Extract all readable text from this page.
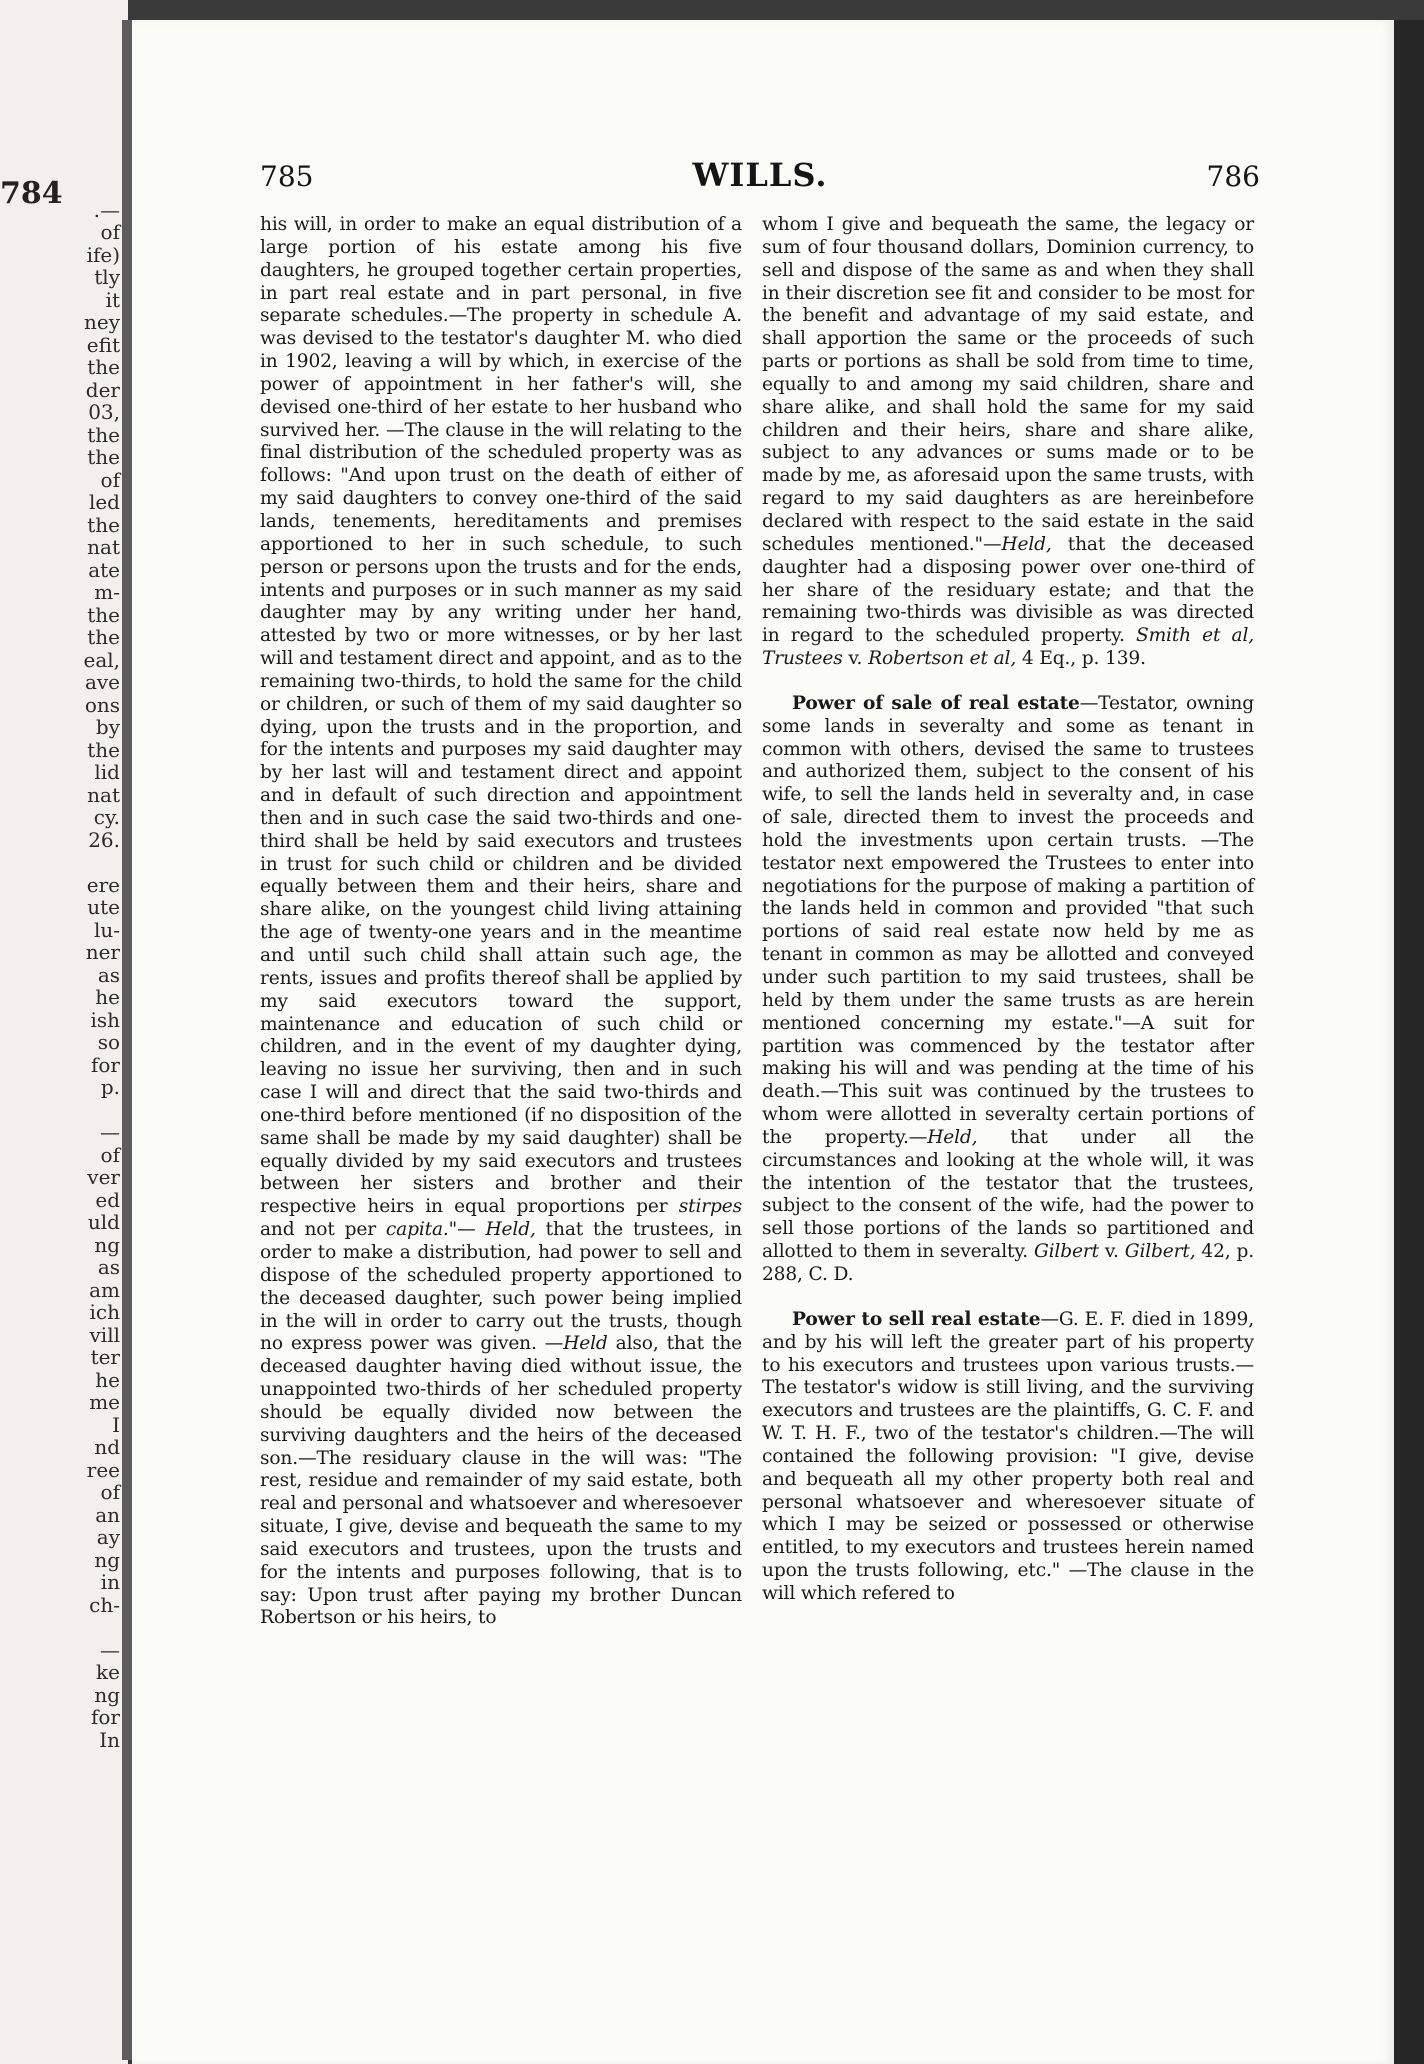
784	.—
of
ife)
tly
it
ney
efit
the
der
03,
the
the
of
led
the
nat
ate
m-
the
the
eal,
ave
ons
by
the
lid
nat
cy.
26.
ere
ute
lu-
ner
as
he
ish
so
for
p.
—
of
ver
ed
uld
ng
as
am
ich
vill
ter
he
me
I
nd
ree
of
an
ay
ng
in
ch-
—
ke
ng
for
In
785	WILLS.	786

his will, in order to make an equal distribution of a large portion of his estate among his five daughters, he grouped together certain properties, in part real estate and in part personal, in five separate schedules.—The property in schedule A. was devised to the testator's daughter M. who died in 1902, leaving a will by which, in exercise of the power of appointment in her father's will, she devised one-third of her estate to her husband who survived her. —The clause in the will relating to the final distribution of the scheduled property was as follows: "And upon trust on the death of either of my said daughters to convey one-third of the said lands, tenements, hereditaments and premises apportioned to her in such schedule, to such person or persons upon the trusts and for the ends, intents and purposes or in such manner as my said daughter may by any writing under her hand, attested by two or more witnesses, or by her last will and testament direct and appoint, and as to the remaining two-thirds, to hold the same for the child or children, or such of them of my said daughter so dying, upon the trusts and in the proportion, and for the intents and purposes my said daughter may by her last will and testament direct and appoint and in default of such direction and appointment then and in such case the said two-thirds and one-third shall be held by said executors and trustees in trust for such child or children and be divided equally between them and their heirs, share and share alike, on the youngest child living attaining the age of twenty-one years and in the meantime and until such child shall attain such age, the rents, issues and profits thereof shall be applied by my said executors toward the support, maintenance and education of such child or children, and in the event of my daughter dying, leaving no issue her surviving, then and in such case I will and direct that the said two-thirds and one-third before mentioned (if no disposition of the same shall be made by my said daughter) shall be equally divided by my said executors and trustees between her sisters and brother and their respective heirs in equal proportions per stirpes and not per capita."— Held, that the trustees, in order to make a distribution, had power to sell and dispose of the scheduled property apportioned to the deceased daughter, such power being implied in the will in order to carry out the trusts, though no express power was given. —Held also, that the deceased daughter having died without issue, the unappointed two-thirds of her scheduled property should be equally divided now between the surviving daughters and the heirs of the deceased son.—The residuary clause in the will was: "The rest, residue and remainder of my said estate, both real and personal and whatsoever and wheresoever situate, I give, devise and bequeath the same to my said executors and trustees, upon the trusts and for the intents and purposes following, that is to say: Upon trust after paying my brother Duncan Robertson or his heirs, to

whom I give and bequeath the same, the legacy or sum of four thousand dollars, Dominion currency, to sell and dispose of the same as and when they shall in their discretion see fit and consider to be most for the benefit and advantage of my said estate, and shall apportion the same or the proceeds of such parts or portions as shall be sold from time to time, equally to and among my said children, share and share alike, and shall hold the same for my said children and their heirs, share and share alike, subject to any advances or sums made or to be made by me, as aforesaid upon the same trusts, with regard to my said daughters as are hereinbefore declared with respect to the said estate in the said schedules mentioned."—Held, that the deceased daughter had a disposing power over one-third of her share of the residuary estate; and that the remaining two-thirds was divisible as was directed in regard to the scheduled property. Smith et al, Trustees v. Robertson et al, 4 Eq., p. 139.

Power of sale of real estate—Testator, owning some lands in severalty and some as tenant in common with others, devised the same to trustees and authorized them, subject to the consent of his wife, to sell the lands held in severalty and, in case of sale, directed them to invest the proceeds and hold the investments upon certain trusts. —The testator next empowered the Trustees to enter into negotiations for the purpose of making a partition of the lands held in common and provided "that such portions of said real estate now held by me as tenant in common as may be allotted and conveyed under such partition to my said trustees, shall be held by them under the same trusts as are herein mentioned concerning my estate."—A suit for partition was commenced by the testator after making his will and was pending at the time of his death.—This suit was continued by the trustees to whom were allotted in severalty certain portions of the property.—Held, that under all the circumstances and looking at the whole will, it was the intention of the testator that the trustees, subject to the consent of the wife, had the power to sell those portions of the lands so partitioned and allotted to them in severalty. Gilbert v. Gilbert, 42, p. 288, C. D.

Power to sell real estate—G. E. F. died in 1899, and by his will left the greater part of his property to his executors and trustees upon various trusts.—The testator's widow is still living, and the surviving executors and trustees are the plaintiffs, G. C. F. and W. T. H. F., two of the testator's children.—The will contained the following provision: "I give, devise and bequeath all my other property both real and personal whatsoever and wheresoever situate of which I may be seized or possessed or otherwise entitled, to my executors and trustees herein named upon the trusts following, etc." —The clause in the will which refered to
